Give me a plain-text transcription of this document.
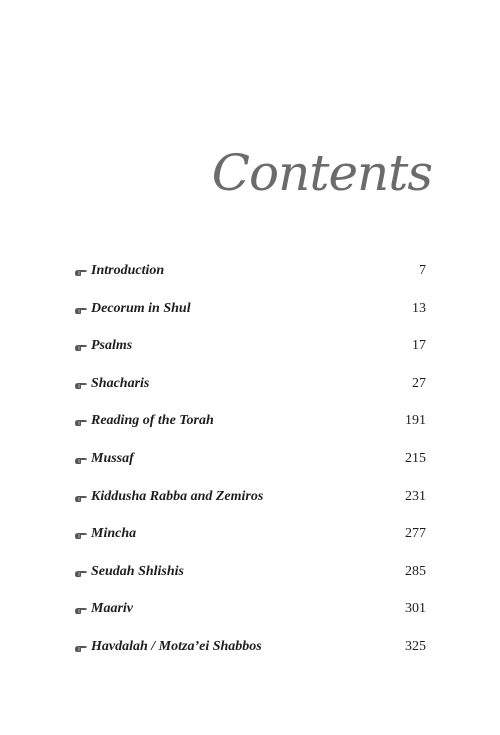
Contents
Introduction	7
Decorum in Shul	13
Psalms	17
Shacharis	27
Reading of the Torah	191
Mussaf	215
Kiddusha Rabba and Zemiros	231
Mincha	277
Seudah Shlishis	285
Maariv	301
Havdalah / Motza’ei Shabbos	325
